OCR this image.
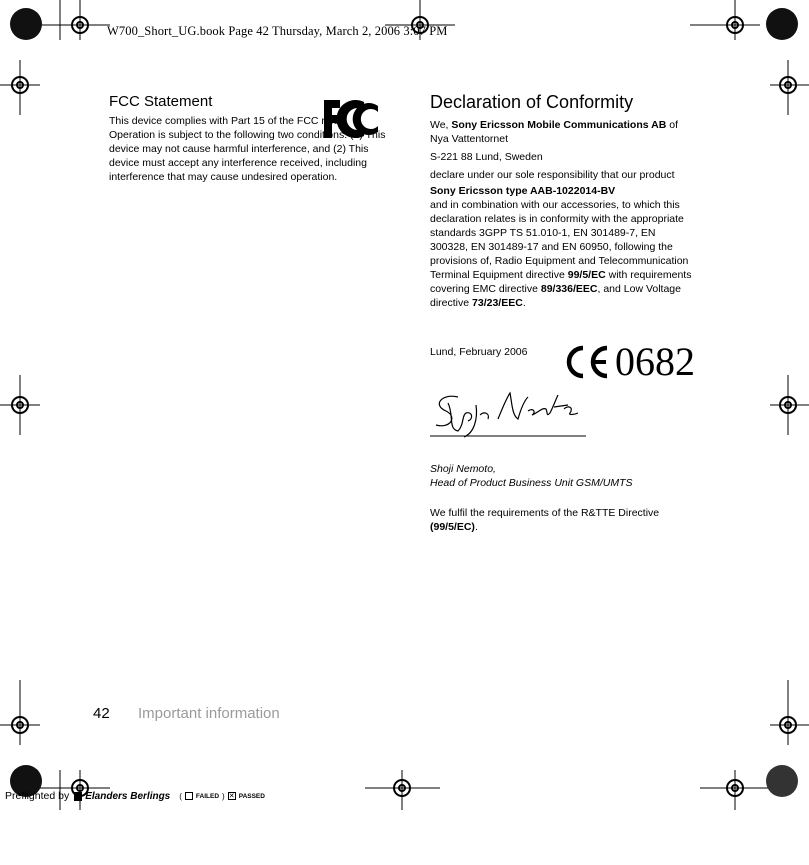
W700_Short_UG.book Page 42 Thursday, March 2, 2006 3:07 PM
FCC Statement
This device complies with Part 15 of the FCC rules. Operation is subject to the following two conditions: (1) This device may not cause harmful interference, and (2) This device must accept any interference received, including interference that may cause undesired operation.
Declaration of Conformity
We, Sony Ericsson Mobile Communications AB of
Nya Vattentornet
S-221 88 Lund, Sweden
declare under our sole responsibility that our product
Sony Ericsson type AAB-1022014-BV
and in combination with our accessories, to which this declaration relates is in conformity with the appropriate standards 3GPP TS 51.010-1, EN 301489-7, EN 300328, EN 301489-17 and EN 60950, following the provisions of, Radio Equipment and Telecommunication Terminal Equipment directive 99/5/EC with requirements covering EMC directive 89/336/EEC, and Low Voltage directive 73/23/EEC.
Lund, February 2006 0682
Shoji Nemoto,
Head of Product Business Unit GSM/UMTS
We fulfil the requirements of the R&TTE Directive (99/5/EC).
42 Important information
Preflighted by Elanders Berlings ( FAILED ) ✕ PASSED
